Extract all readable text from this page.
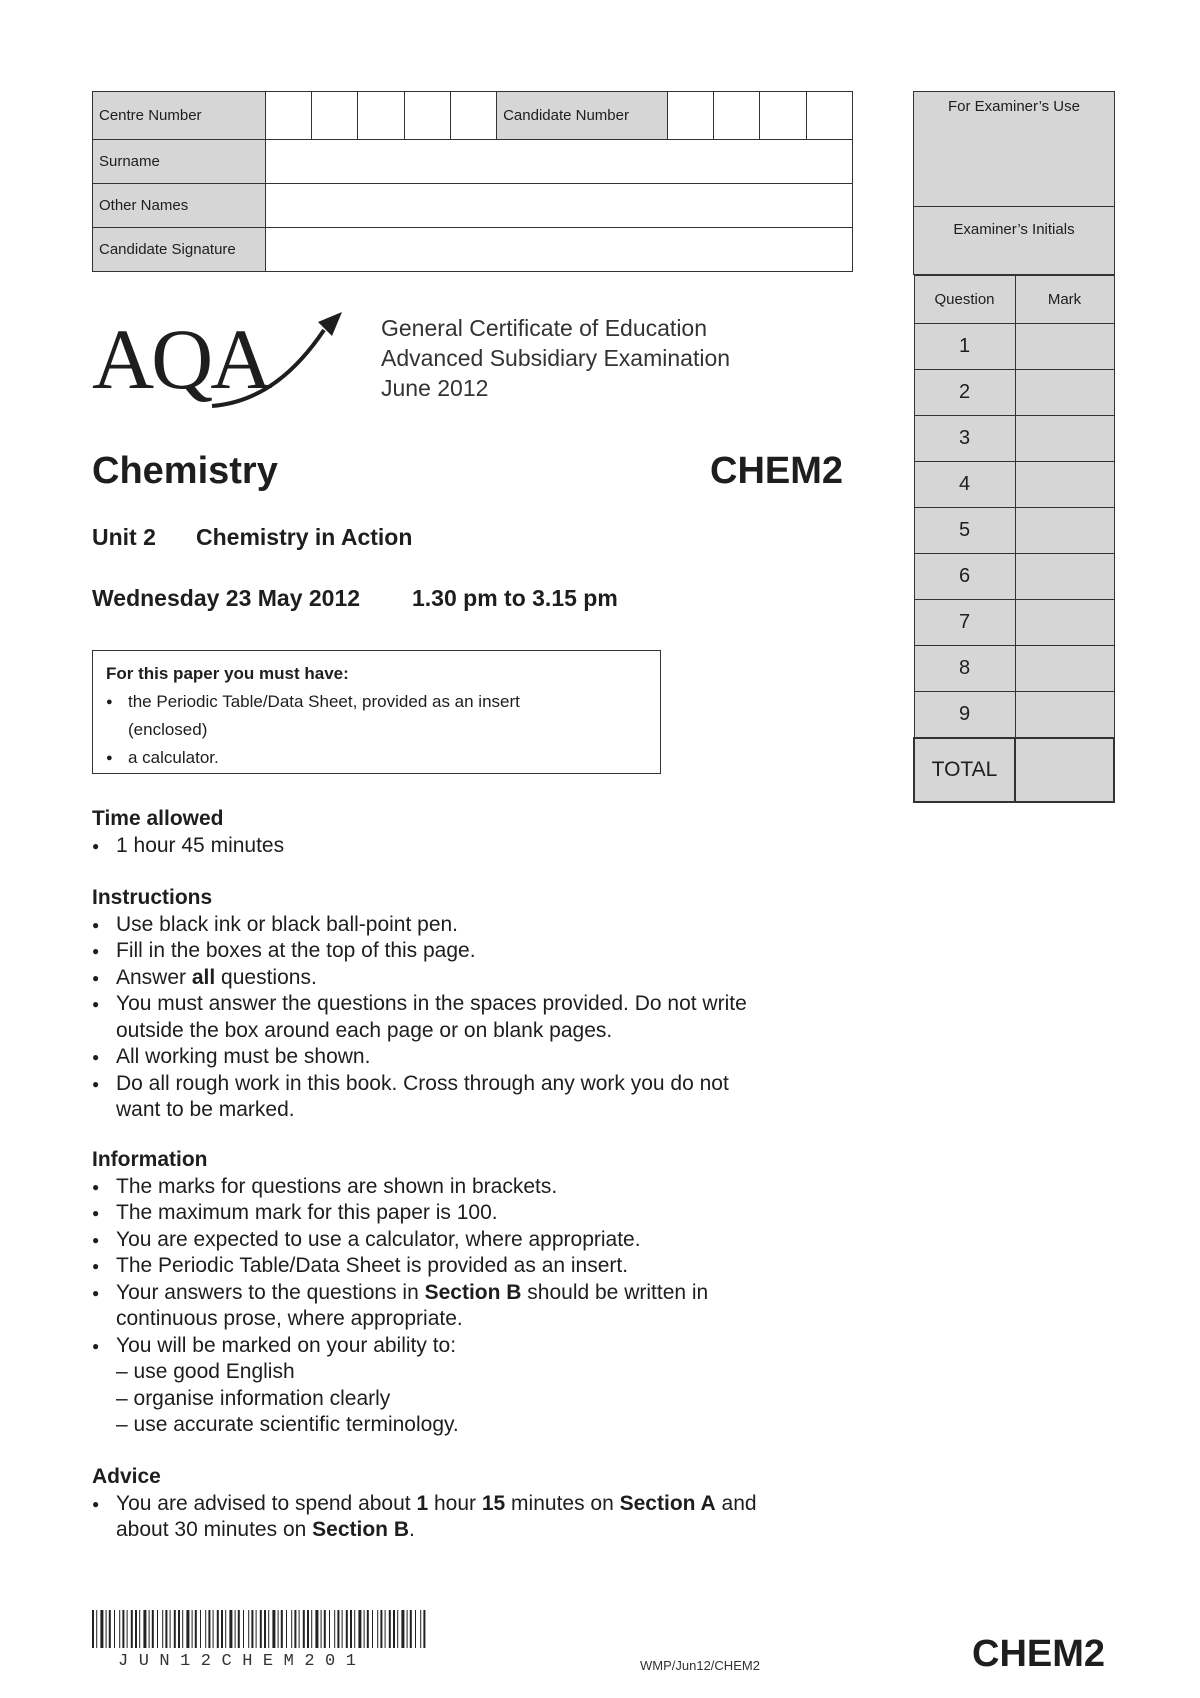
Centre Number						Candidate Number				
Surname										
Other Names										
Candidate Signature										
For Examiner’s Use
Examiner’s Initials
Question	Mark
1	
2	
3	
4	
5	
6	
7	
8	
9	
TOTAL	
AQA	General Certificate of Education
Advanced Subsidiary Examination
June 2012
Chemistry	CHEM2
Unit 2 Chemistry in Action
Wednesday 23 May 2012 1.30 pm to 3.15 pm
For this paper you must have:
● the Periodic Table/Data Sheet, provided as an insert
(enclosed)
● a calculator.
Time allowed
● 1 hour 45 minutes
Instructions
● Use black ink or black ball-point pen.
● Fill in the boxes at the top of this page.
● Answer all questions.
● You must answer the questions in the spaces provided. Do not write
outside the box around each page or on blank pages.
● All working must be shown.
● Do all rough work in this book. Cross through any work you do not
want to be marked.
Information
● The marks for questions are shown in brackets.
● The maximum mark for this paper is 100.
● You are expected to use a calculator, where appropriate.
● The Periodic Table/Data Sheet is provided as an insert.
● Your answers to the questions in Section B should be written in
continuous prose, where appropriate.
● You will be marked on your ability to:
– use good English
– organise information clearly
– use accurate scientific terminology.
Advice
● You are advised to spend about 1 hour 15 minutes on Section A and
about 30 minutes on Section B.
JUN12CHEM201	WMP/Jun12/CHEM2	CHEM2
